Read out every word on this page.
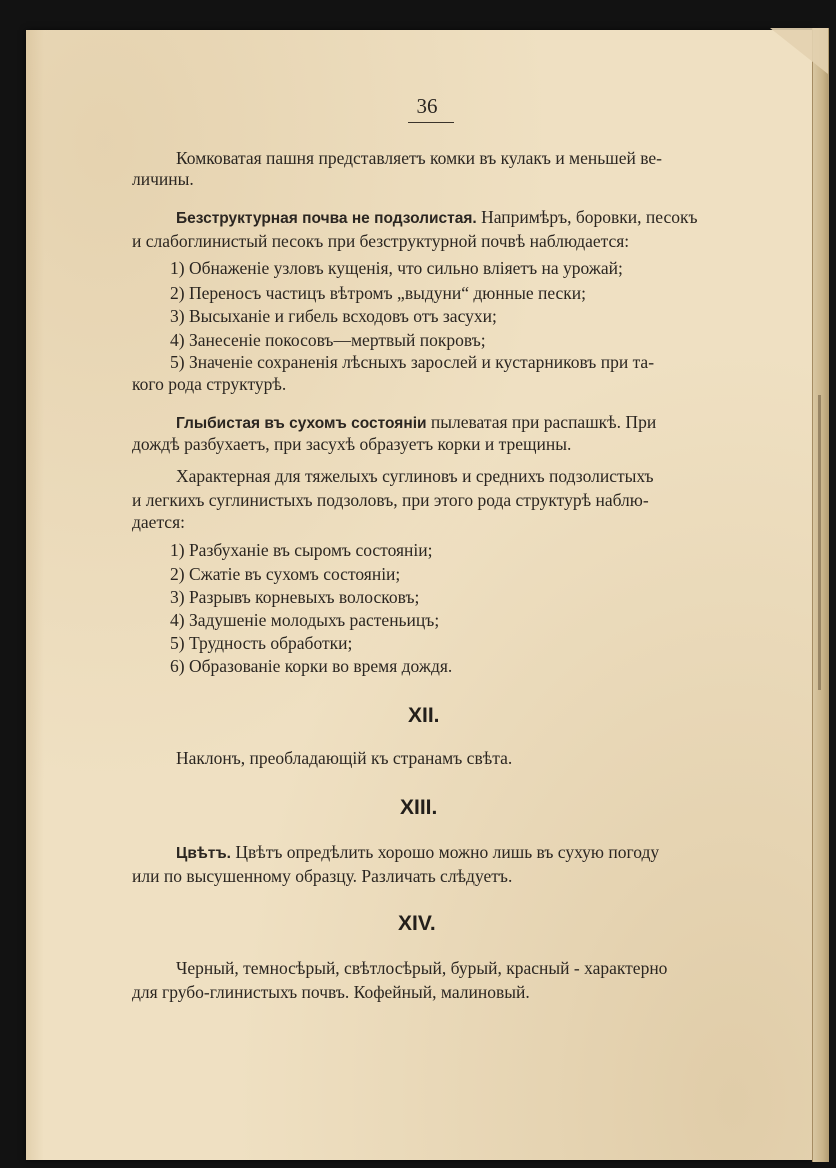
36
Комковатая пашня представляетъ комки въ кулакъ и меньшей ве-
личины.
Безструктурная почва не подзолистая. Напримѣръ, боровки, песокъ
и слабоглинистый песокъ при безструктурной почвѣ наблюдается:
1) Обнаженіе узловъ кущенія, что сильно вліяетъ на урожай;
2) Переносъ частицъ вѣтромъ „выдуни“ дюнные пески;
3) Высыханіе и гибель всходовъ отъ засухи;
4) Занесеніе покосовъ—мертвый покровъ;
5) Значеніе сохраненія лѣсныхъ зарослей и кустарниковъ при та-
кого рода структурѣ.
Глыбистая въ сухомъ состояніи пылеватая при распашкѣ. При
дождѣ разбухаетъ, при засухѣ образуетъ корки и трещины.
Характерная для тяжелыхъ суглиновъ и среднихъ подзолистыхъ
и легкихъ суглинистыхъ подзоловъ, при этого рода структурѣ наблю-
дается:
1) Разбуханіе въ сыромъ состояніи;
2) Сжатіе въ сухомъ состояніи;
3) Разрывъ корневыхъ волосковъ;
4) Задушеніе молодыхъ растеньицъ;
5) Трудность обработки;
6) Образованіе корки во время дождя.
XII.
Наклонъ, преобладающій къ странамъ свѣта.
XIII.
Цвѣтъ. Цвѣтъ опредѣлить хорошо можно лишь въ сухую погоду
или по высушенному образцу. Различать слѣдуетъ.
XIV.
Черный, темносѣрый, свѣтлосѣрый, бурый, красный - характерно
для грубо-глинистыхъ почвъ. Кофейный, малиновый.
